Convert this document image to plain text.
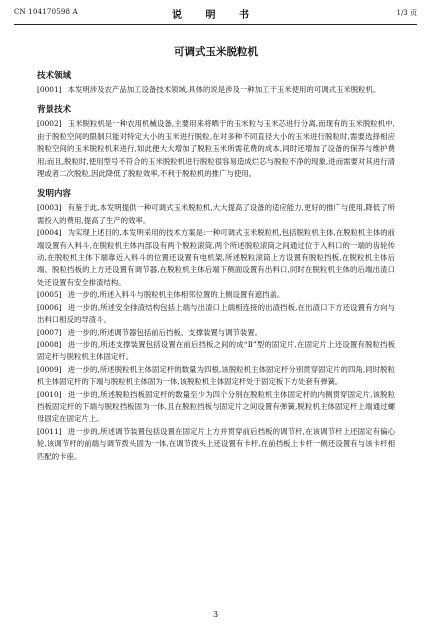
CN 104170598 A	说 明 书	1/3 页
可调式玉米脱粒机
技术领域

[0001] 本发明涉及农产品加工设备技术领域,具体的说是涉及一种加工干玉米使用的可调式玉米脱粒机。

背景技术

[0002] 玉米脱粒机是一种农用机械设备,主要用来将晒干的玉米粒与玉米芯进行分离,而现有的玉米脱粒机中,由于脱粒空间的限制只能对特定大小的玉米进行脱粒,在对多种不同直径大小的玉米进行脱粒时,需要选择相应脱粒空间的玉米脱粒机来进行,如此便大大增加了脱粒玉米所需花费的成本,同时还增加了设备的保养与维护费用;而且,脱粒时,使用型号不符合的玉米脱粒机进行脱粒很容易造成烂芯与脱粒不净的现象,进而需要对其进行清理或者二次脱粒,因此降低了脱粒效率,不利于脱粒机的推广与使用。

发明内容

[0003] 有鉴于此,本发明提供一种可调式玉米脱粒机,大大提高了设备的适应能力,更好的推广与使用,降低了所需投入的费用,提高了生产的效率。

[0004] 为实现上述目的,本发明采用的技术方案是:一种可调式玉米脱粒机,包括脱粒机主体,在脱粒机主体的前端设置有入料斗,在脱粒机主体内部设有两个脱粒滚筒,两个所述脱粒滚筒之间通过位于入料口的一端的齿轮传动,在脱粒机主体下端靠近入料斗的位置还设置有电机架,所述脱粒滚筒上方设置有脱粒挡板,在脱粒机主体后端、脱粒挡板的上方还设置有调节器,在脱粒机主体后端下侧面设置有出料口,同时在脱粒机主体的后端出渣口处还设置有安全排渣结构。

[0005] 进一步的,所述入料斗与脱粒机主体相邻位置的上侧设置有遮挡盖。

[0006] 进一步的,所述安全排渣结构包括上端与出渣口上端相连接的出渣挡板,在出渣口下方还设置有方向与出料口相反的导渣斗。

[0007] 进一步的,所述调节器包括前后挡板、支撑装置与调节装置。

[0008] 进一步的,所述支撑装置包括设置在前后挡板之间的成“Ⅱ”型的固定片,在固定片上还设置有脱粒挡板固定杆与脱粒机主体固定杆。

[0009] 进一步的,所述脱粒机主体固定杆的数量为四根,该脱粒机主体固定杆分别贯穿固定片的四角,同时脱粒机主体固定杆的下端与脱粒机主体固为一体,该脱粒机主体固定杆处于固定板下方处套有弹簧。

[0010] 进一步的,所述脱粒挡板固定杆的数量至少为四个分别在脱粒机主体固定杆的内侧贯穿固定片,该脱粒挡板固定杆的下端与脱粒挡板固为一体,且在脱粒挡板与固定片之间设置有弹簧,脱粒机主体固定杆上端通过螺母固定在固定片上。

[0011] 进一步的,所述调节装置包括设置在固定片上方并贯穿前后挡板的调节杆,在该调节杆上还固定有偏心轮,该调节杆的前端与调节拨头固为一体,在调节拨头上还设置有卡杆,在前挡板上卡杆一侧还设置有与该卡杆相匹配的卡座。

3
